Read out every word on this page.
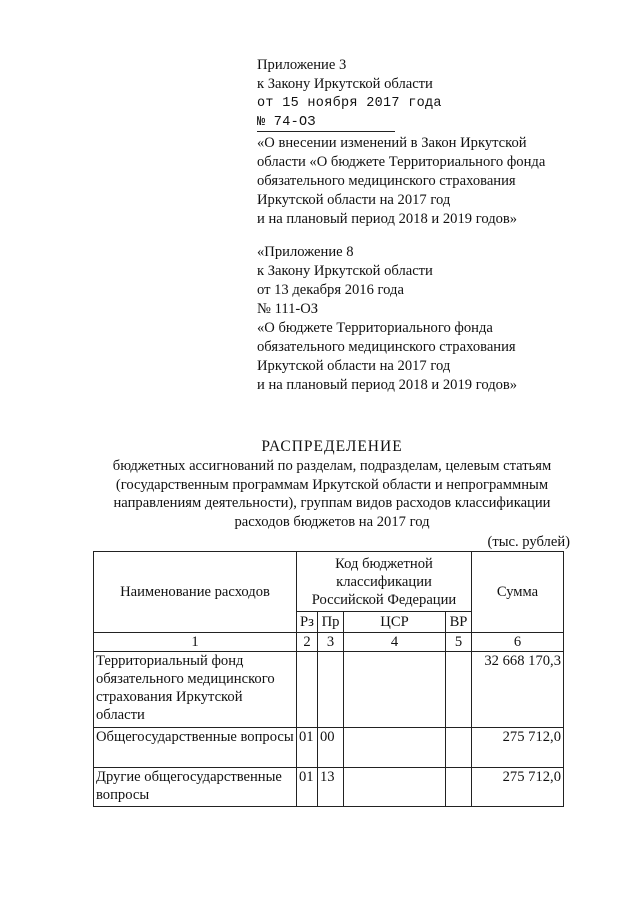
Приложение 3
к Закону Иркутской области
от 15 ноября 2017 года
№ 74-ОЗ
«О внесении изменений в Закон Иркутской
области «О бюджете Территориального фонда
обязательного медицинского страхования
Иркутской области на 2017 год
и на плановый период 2018 и 2019 годов»
«Приложение 8
к Закону Иркутской области
от 13 декабря 2016 года
№ 111-ОЗ
«О бюджете Территориального фонда
обязательного медицинского страхования
Иркутской области на 2017 год
и на плановый период 2018 и 2019 годов»
РАСПРЕДЕЛЕНИЕ
бюджетных ассигнований по разделам, подразделам, целевым статьям
(государственным программам Иркутской области и непрограммным
направлениям деятельности), группам видов расходов классификации
расходов бюджетов на 2017 год
(тыс. рублей)
Наименование расходов	Код бюджетной классификации Российской Федерации				Сумма
	Рз	Пр	ЦСР	ВР	
1	2	3	4	5	6
Территориальный фонд обязательного медицинского страхования Иркутской области					32 668 170,3
Общегосударственные вопросы	01	00			275 712,0
Другие общегосударственные вопросы	01	13			275 712,0
